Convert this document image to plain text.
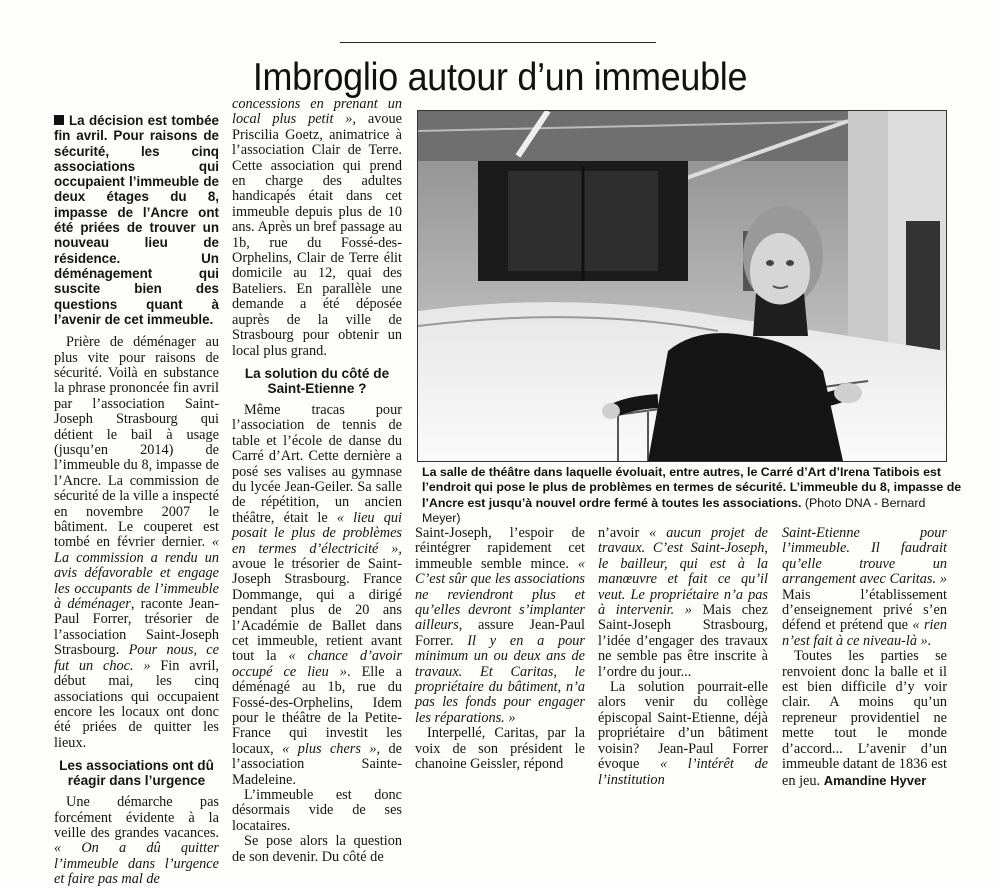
Imbroglio autour d’un immeuble

La décision est tombée fin avril. Pour raisons de sécurité, les cinq associations qui occupaient l’immeuble de deux étages du 8, impasse de l’Ancre ont été priées de trouver un nouveau lieu de résidence. Un déménagement qui suscite bien des questions quant à l’avenir de cet immeuble.

Prière de déménager au plus vite pour raisons de sécurité. Voilà en substance la phrase prononcée fin avril par l’association Saint-Joseph Strasbourg qui détient le bail à usage (jusqu’en 2014) de l’immeuble du 8, impasse de l’Ancre. La commission de sécurité de la ville a inspecté en novembre 2007 le bâtiment. Le couperet est tombé en février dernier. « La commission a rendu un avis défavorable et engage les occupants de l’immeuble à déménager, raconte Jean-Paul Forrer, trésorier de l’association Saint-Joseph Strasbourg. Pour nous, ce fut un choc. » Fin avril, début mai, les cinq associations qui occupaient encore les locaux ont donc été priées de quitter les lieux.

Les associations ont dû réagir dans l’urgence

Une démarche pas forcément évidente à la veille des grandes vacances. « On a dû quitter l’immeuble dans l’urgence et faire pas mal de

concessions en prenant un local plus petit », avoue Priscilia Goetz, animatrice à l’association Clair de Terre. Cette association qui prend en charge des adultes handicapés était dans cet immeuble depuis plus de 10 ans. Après un bref passage au 1b, rue du Fossé-des-Orphelins, Clair de Terre élit domicile au 12, quai des Bateliers. En parallèle une demande a été déposée auprès de la ville de Strasbourg pour obtenir un local plus grand.

La solution du côté de Saint-Etienne ?

Même tracas pour l’association de tennis de table et l’école de danse du Carré d’Art. Cette dernière a posé ses valises au gymnase du lycée Jean-Geiler. Sa salle de répétition, un ancien théâtre, était le « lieu qui posait le plus de problèmes en termes d’électricité », avoue le trésorier de Saint-Joseph Strasbourg. France Dommange, qui a dirigé pendant plus de 20 ans l’Académie de Ballet dans cet immeuble, retient avant tout la « chance d’avoir occupé ce lieu ». Elle a déménagé au 1b, rue du Fossé-des-Orphelins, Idem pour le théâtre de la Petite-France qui investit les locaux, « plus chers », de l’association Sainte-Madeleine.

L’immeuble est donc désormais vide de ses locataires.

Se pose alors la question de son devenir. Du côté de

La salle de théâtre dans laquelle évoluait, entre autres, le Carré d’Art d’Irena Tatibois est l’endroit qui pose le plus de problèmes en termes de sécurité. L’immeuble du 8, impasse de l’Ancre est jusqu’à nouvel ordre fermé à toutes les associations. (Photo DNA - Bernard Meyer)

Saint-Joseph, l’espoir de réintégrer rapidement cet immeuble semble mince. « C’est sûr que les associations ne reviendront plus et qu’elles devront s’implanter ailleurs, assure Jean-Paul Forrer. Il y en a pour minimum un ou deux ans de travaux. Et Caritas, le propriétaire du bâtiment, n’a pas les fonds pour engager les réparations. »

Interpellé, Caritas, par la voix de son président le chanoine Geissler, répond

n’avoir « aucun projet de travaux. C’est Saint-Joseph, le bailleur, qui est à la manœuvre et fait ce qu’il veut. Le propriétaire n’a pas à intervenir. » Mais chez Saint-Joseph Strasbourg, l’idée d’engager des travaux ne semble pas être inscrite à l’ordre du jour...

La solution pourrait-elle alors venir du collège épiscopal Saint-Etienne, déjà propriétaire d’un bâtiment voisin? Jean-Paul Forrer évoque « l’intérêt de l’institution

Saint-Etienne pour l’immeuble. Il faudrait qu’elle trouve un arrangement avec Caritas. » Mais l’établissement d’enseignement privé s’en défend et prétend que « rien n’est fait à ce niveau-là ».

Toutes les parties se renvoient donc la balle et il est bien difficile d’y voir clair. A moins qu’un repreneur providentiel ne mette tout le monde d’accord... L’avenir d’un immeuble datant de 1836 est en jeu. Amandine Hyver
